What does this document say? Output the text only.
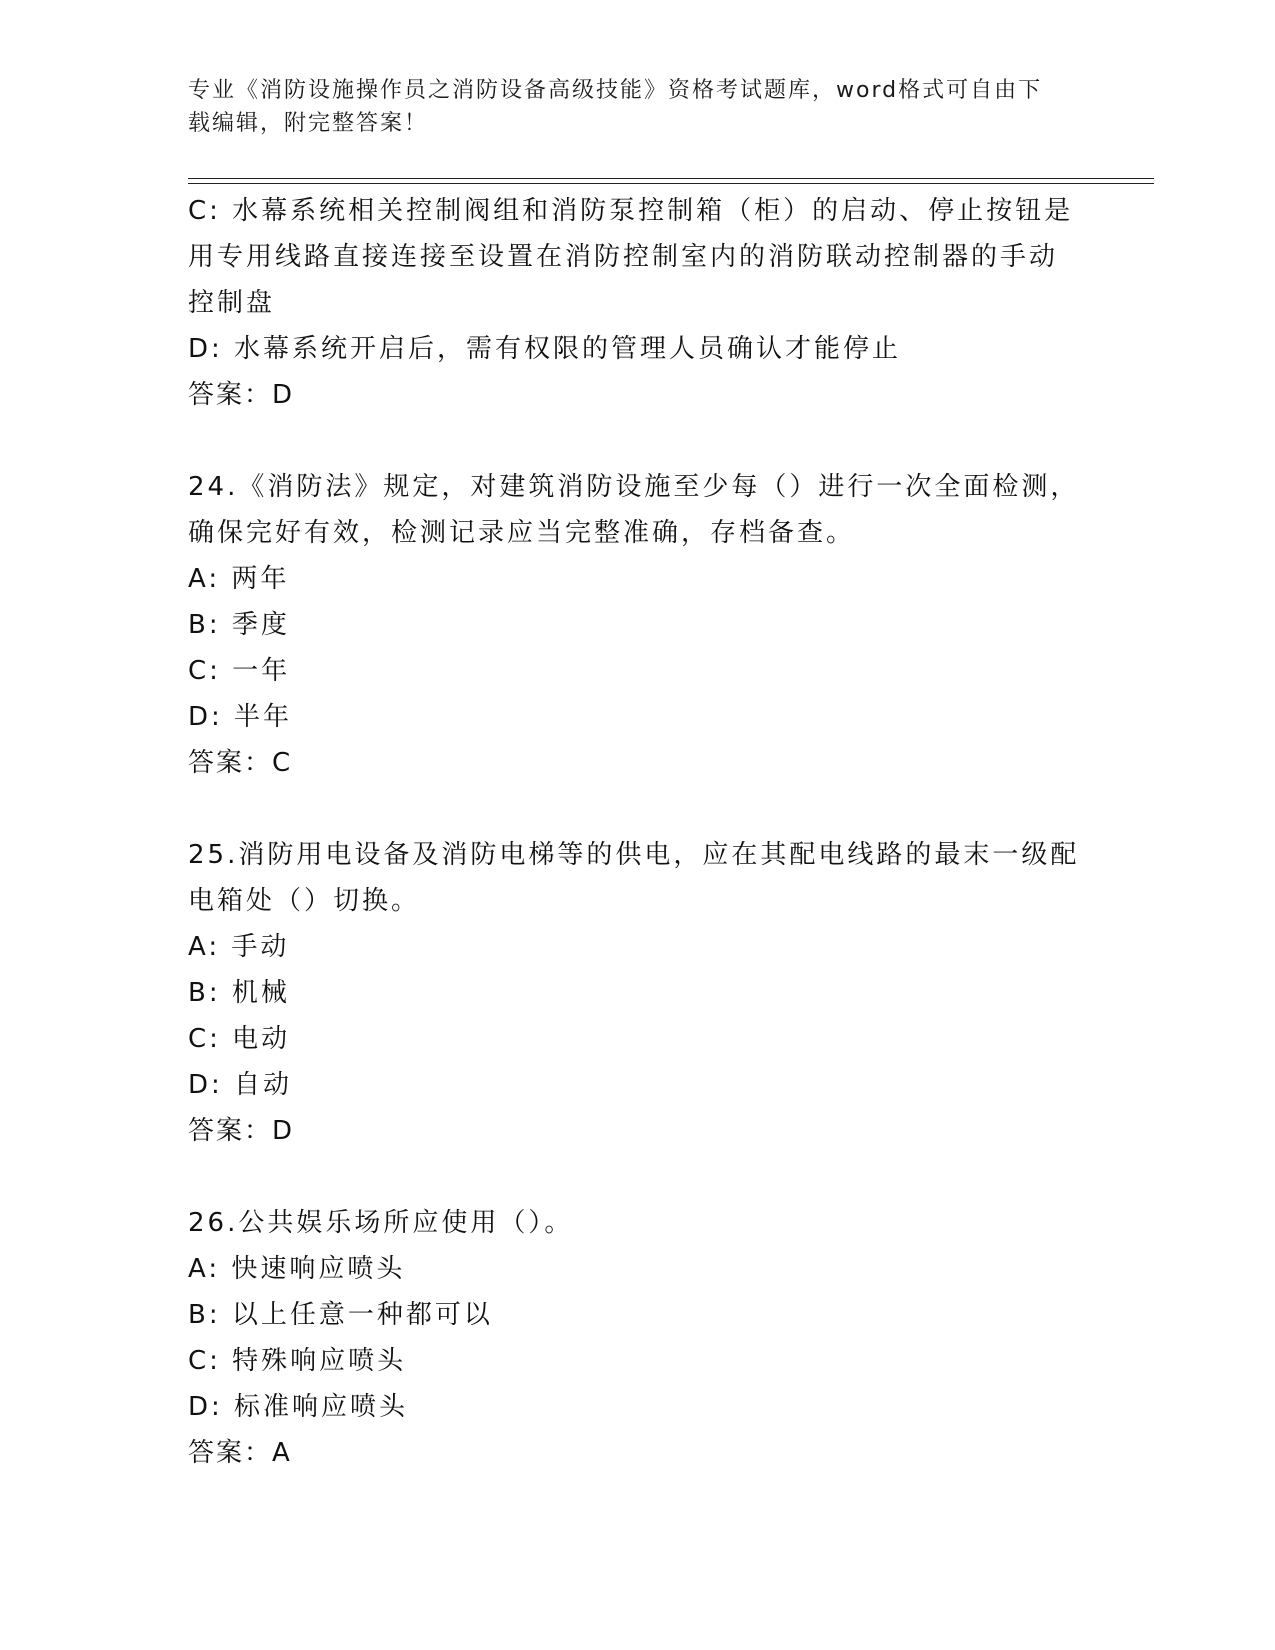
专业《消防设施操作员之消防设备高级技能》资格考试题库，word格式可自由下
载编辑，附完整答案！
C: 水幕系统相关控制阀组和消防泵控制箱（柜）的启动、停止按钮是
用专用线路直接连接至设置在消防控制室内的消防联动控制器的手动
控制盘
D: 水幕系统开启后，需有权限的管理人员确认才能停止
答案：D
24.《消防法》规定，对建筑消防设施至少每（）进行一次全面检测，
确保完好有效，检测记录应当完整准确，存档备查。
A: 两年
B: 季度
C: 一年
D: 半年
答案：C
25.消防用电设备及消防电梯等的供电，应在其配电线路的最末一级配
电箱处（）切换。
A: 手动
B: 机械
C: 电动
D: 自动
答案：D
26.公共娱乐场所应使用（）。
A: 快速响应喷头
B: 以上任意一种都可以
C: 特殊响应喷头
D: 标准响应喷头
答案：A
